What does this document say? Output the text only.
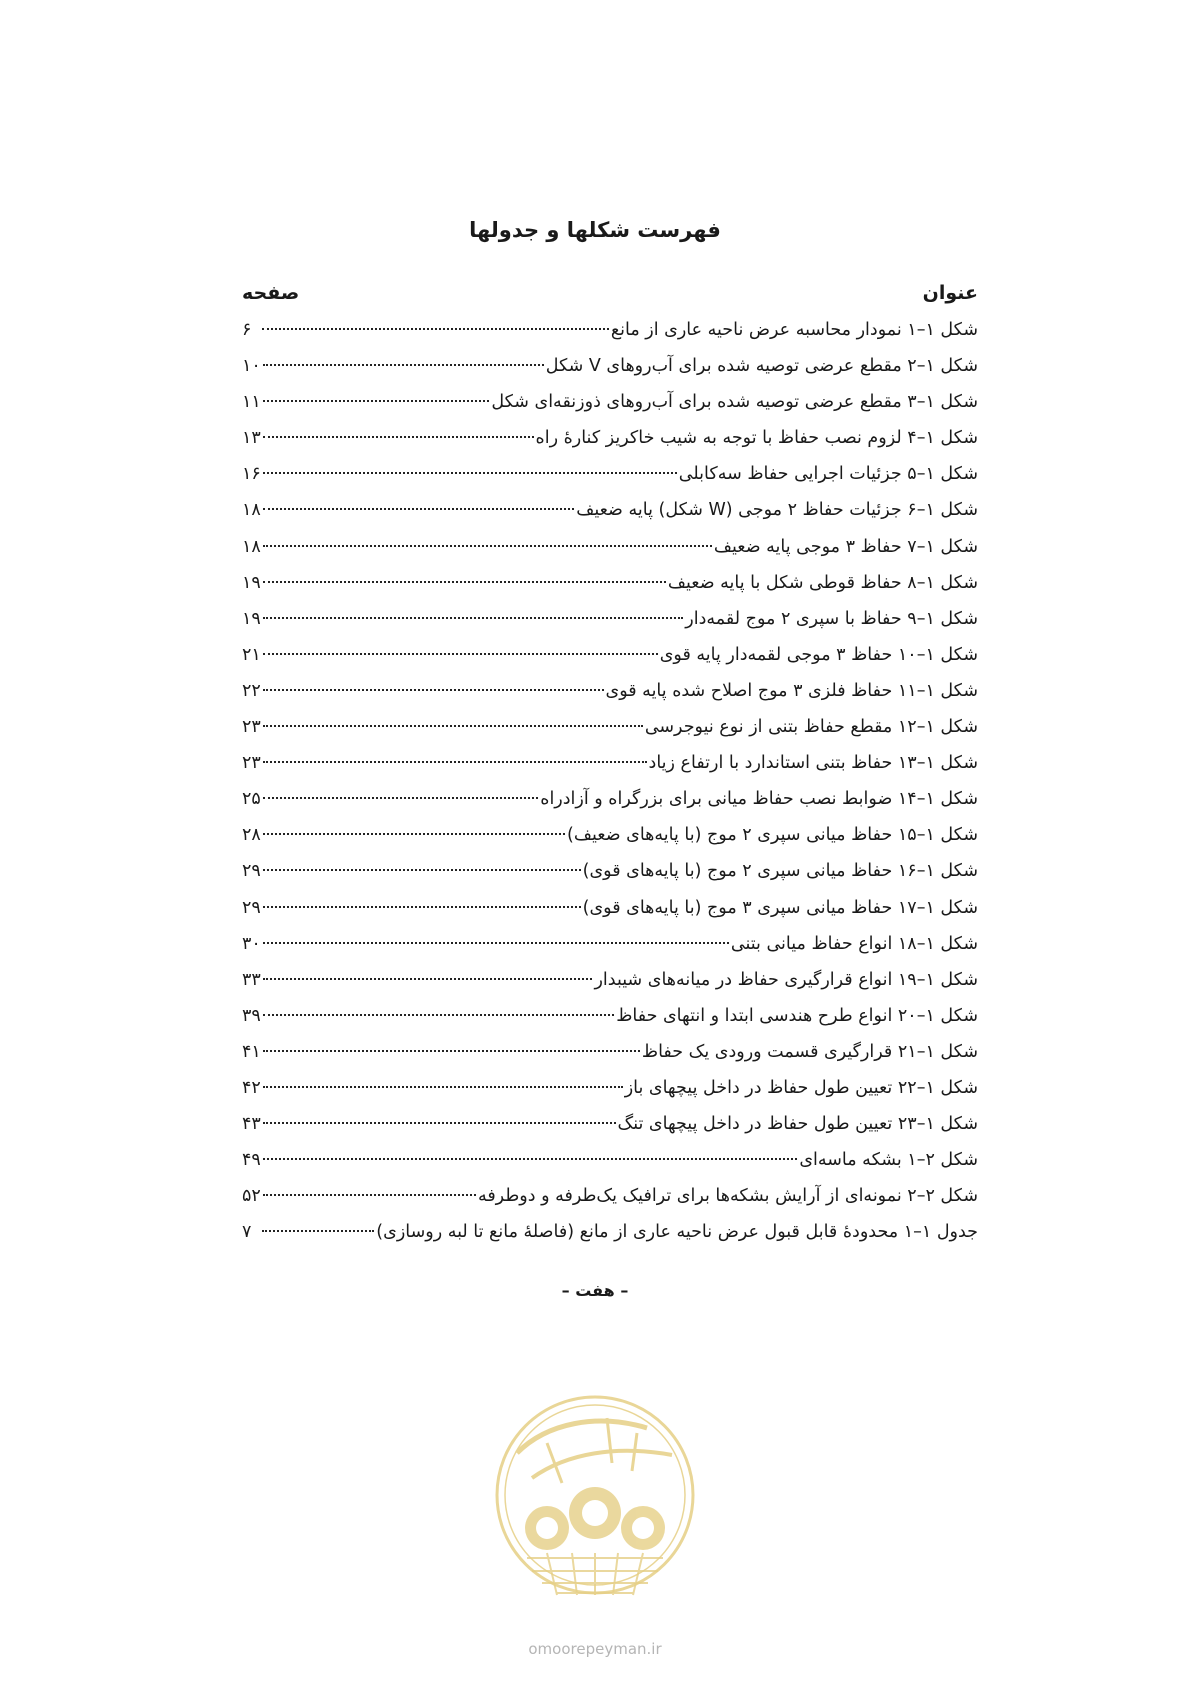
فهرست شکلها و جدولها
عنوان
صفحه
شکل ۱–۱ نمودار محاسبه عرض ناحیه عاری از مانع
۶
شکل ۱–۲ مقطع عرضی توصیه شده برای آب‌روهای V شکل
۱۰
شکل ۱–۳ مقطع عرضی توصیه شده برای آب‌روهای ذوزنقه‌ای شکل
۱۱
شکل ۱–۴ لزوم نصب حفاظ با توجه به شیب خاکریز کنارۀ راه
۱۳
شکل ۱–۵ جزئیات اجرایی حفاظ سه‌کابلی
۱۶
شکل ۱–۶ جزئیات حفاظ ۲ موجی (W شکل) پایه ضعیف
۱۸
شکل ۱–۷ حفاظ ۳ موجی پایه ضعیف
۱۸
شکل ۱–۸ حفاظ قوطی شکل با پایه ضعیف
۱۹
شکل ۱–۹ حفاظ با سپری ۲ موج لقمه‌دار
۱۹
شکل ۱–۱۰ حفاظ ۳ موجی لقمه‌دار پایه قوی
۲۱
شکل ۱–۱۱ حفاظ فلزی ۳ موج اصلاح شده پایه قوی
۲۲
شکل ۱–۱۲ مقطع حفاظ بتنی از نوع نیوجرسی
۲۳
شکل ۱–۱۳ حفاظ بتنی استاندارد با ارتفاع زیاد
۲۳
شکل ۱–۱۴ ضوابط نصب حفاظ میانی برای بزرگراه و آزادراه
۲۵
شکل ۱–۱۵ حفاظ میانی سپری ۲ موج (با پایه‌های ضعیف)
۲۸
شکل ۱–۱۶ حفاظ میانی سپری ۲ موج (با پایه‌های قوی)
۲۹
شکل ۱–۱۷ حفاظ میانی سپری ۳ موج (با پایه‌های قوی)
۲۹
شکل ۱–۱۸ انواع حفاظ میانی بتنی
۳۰
شکل ۱–۱۹ انواع قرارگیری حفاظ در میانه‌های شیبدار
۳۳
شکل ۱–۲۰ انواع طرح هندسی ابتدا و انتهای حفاظ
۳۹
شکل ۱–۲۱ قرارگیری قسمت ورودی یک حفاظ
۴۱
شکل ۱–۲۲ تعیین طول حفاظ در داخل پیچهای باز
۴۲
شکل ۱–۲۳ تعیین طول حفاظ در داخل پیچهای تنگ
۴۳
شکل ۲–۱ بشکه ماسه‌ای
۴۹
شکل ۲–۲ نمونه‌ای از آرایش بشکه‌ها برای ترافیک یک‌طرفه و دوطرفه
۵۲
جدول ۱–۱ محدودۀ قابل قبول عرض ناحیه عاری از مانع (فاصلۀ مانع تا لبه روسازی)
۷
– هفت –
omoorepeyman.ir
